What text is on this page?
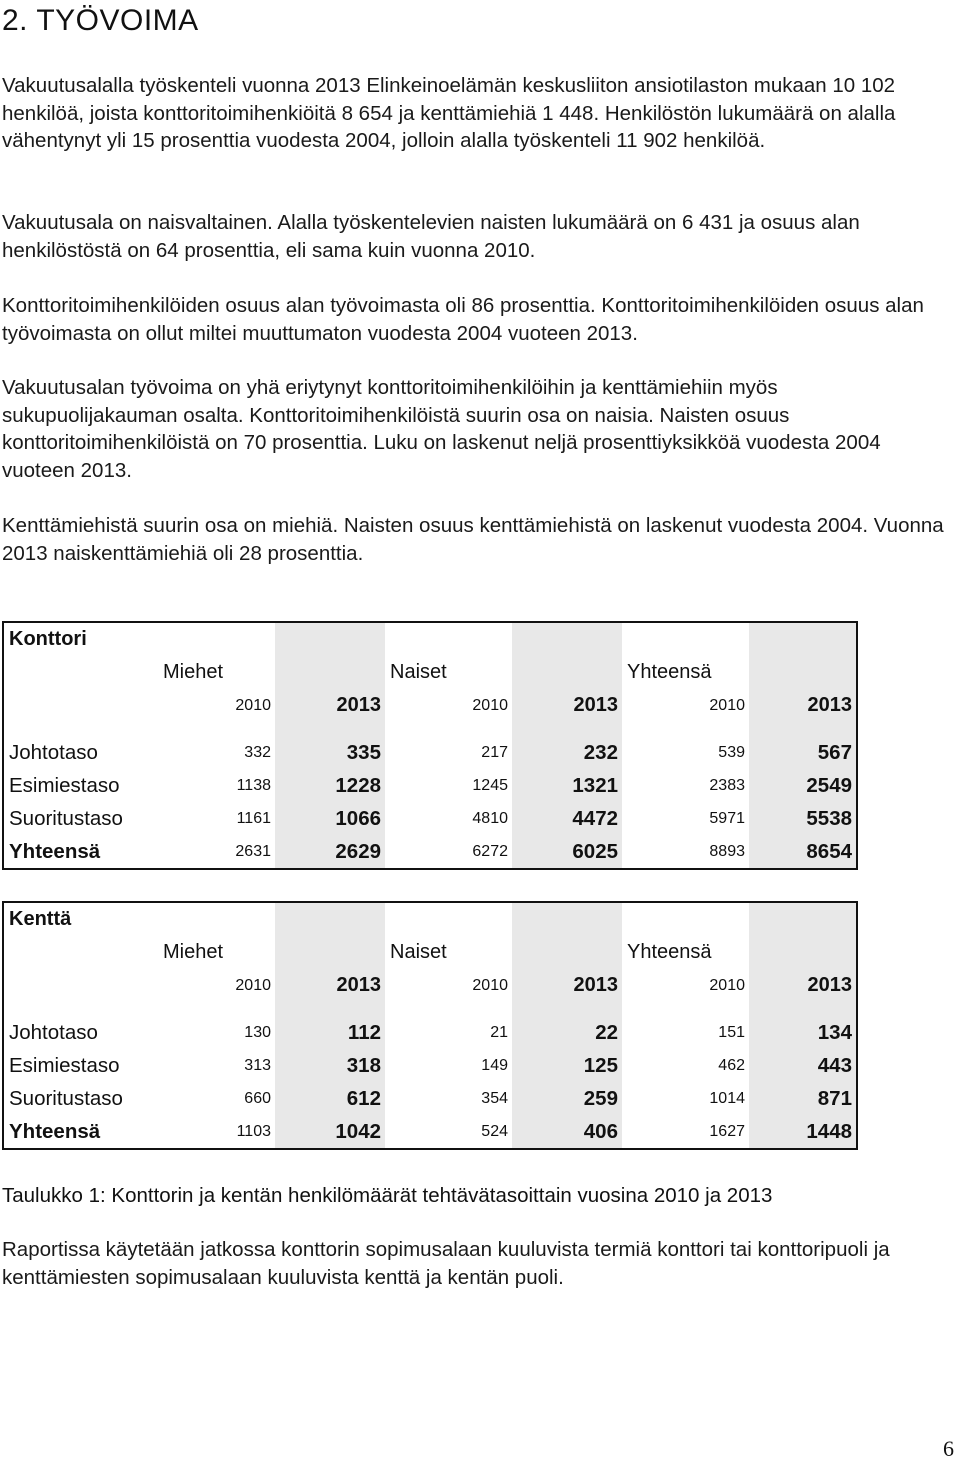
2. TYÖVOIMA

Vakuutusalalla työskenteli vuonna 2013 Elinkeinoelämän keskusliiton ansiotilaston mukaan 10 102 henkilöä, joista konttoritoimihenkiöitä 8 654 ja kenttämiehiä 1 448. Henkilöstön lukumäärä on alalla vähentynyt yli 15 prosenttia vuodesta 2004, jolloin alalla työskenteli 11 902 henkilöä.

Vakuutusala on naisvaltainen. Alalla työskentelevien naisten lukumäärä on 6 431 ja osuus alan henkilöstöstä on 64 prosenttia, eli sama kuin vuonna 2010.

Konttoritoimihenkilöiden osuus alan työvoimasta oli 86 prosenttia. Konttoritoimihenkilöiden osuus alan työvoimasta on ollut miltei muuttumaton vuodesta 2004 vuoteen 2013.

Vakuutusalan työvoima on yhä eriytynyt konttoritoimihenkilöihin ja kenttämiehiin myös sukupuolijakauman osalta. Konttoritoimihenkilöistä suurin osa on naisia. Naisten osuus konttoritoimihenkilöistä on 70 prosenttia. Luku on laskenut neljä prosenttiyksikköä vuodesta 2004 vuoteen 2013.

Kenttämiehistä suurin osa on miehiä. Naisten osuus kenttämiehistä on laskenut vuodesta 2004. Vuonna 2013 naiskenttämiehiä oli 28 prosenttia.

Konttori						
	Miehet		Naiset		Yhteensä	
	2010	2013	2010	2013	2010	2013

Johtotaso	332	335	217	232	539	567
Esimiestaso	1138	1228	1245	1321	2383	2549
Suoritustaso	1161	1066	4810	4472	5971	5538
Yhteensä	2631	2629	6272	6025	8893	8654
Kenttä						
	Miehet		Naiset		Yhteensä	
	2010	2013	2010	2013	2010	2013

Johtotaso	130	112	21	22	151	134
Esimiestaso	313	318	149	125	462	443
Suoritustaso	660	612	354	259	1014	871
Yhteensä	1103	1042	524	406	1627	1448

Taulukko 1: Konttorin ja kentän henkilömäärät tehtävätasoittain vuosina 2010 ja 2013

Raportissa käytetään jatkossa konttorin sopimusalaan kuuluvista termiä konttori tai konttoripuoli ja kenttämiesten sopimusalaan kuuluvista kenttä ja kentän puoli.

6
